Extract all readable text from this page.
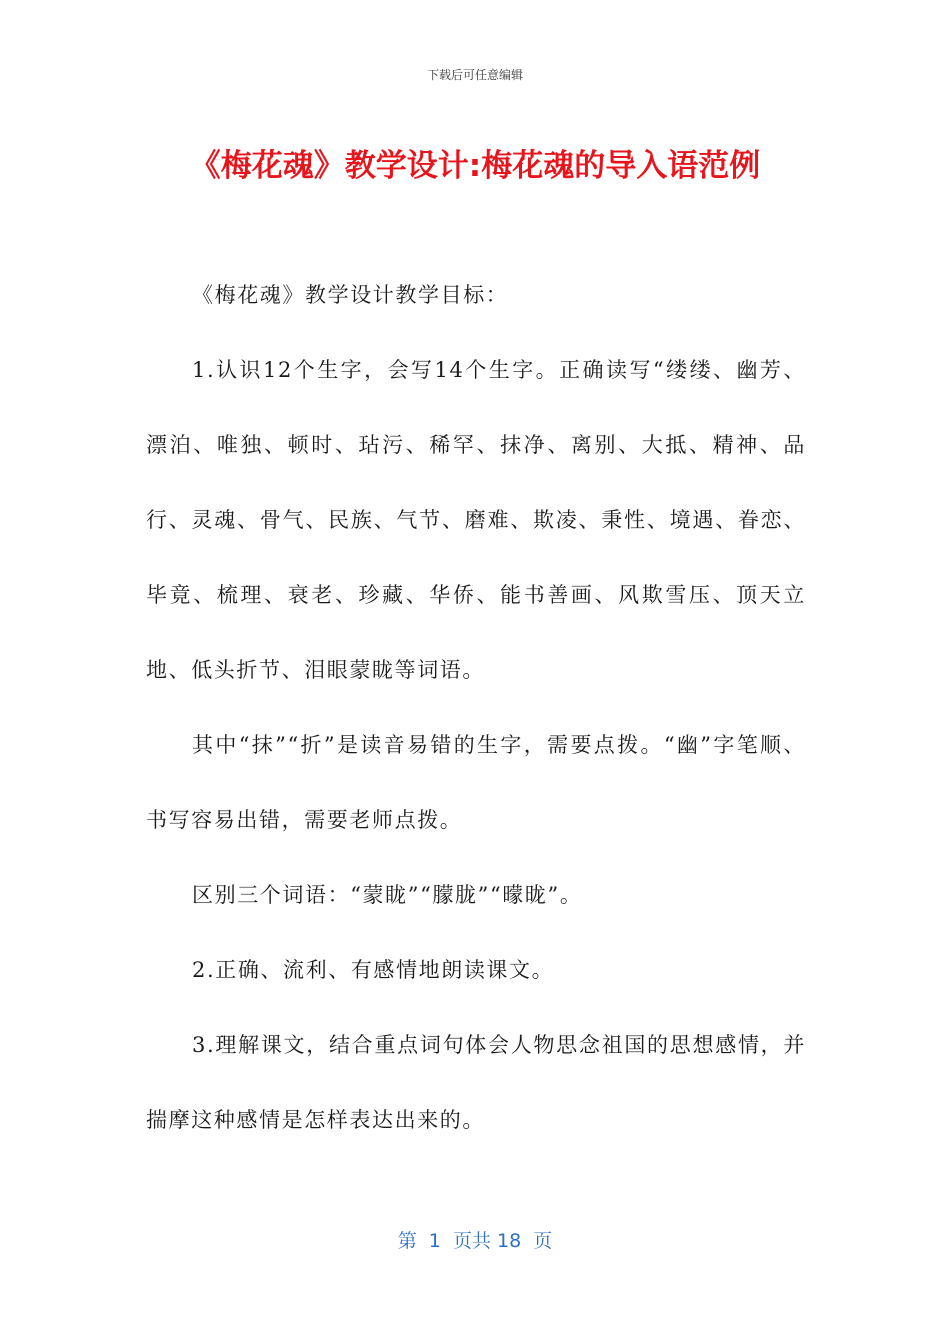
下载后可任意编辑
《梅花魂》教学设计:梅花魂的导入语范例

《梅花魂》教学设计教学目标：

1.认识12个生字，会写14个生字。正确读写“缕缕、幽芳、漂泊、唯独、顿时、玷污、稀罕、抹净、离别、大抵、精神、品行、灵魂、骨气、民族、气节、磨难、欺凌、秉性、境遇、眷恋、毕竟、梳理、衰老、珍藏、华侨、能书善画、风欺雪压、顶天立地、低头折节、泪眼蒙眬等词语。

其中“抹”“折”是读音易错的生字，需要点拨。“幽”字笔顺、书写容易出错，需要老师点拨。

区别三个词语：“蒙眬”“朦胧”“曚昽”。

2.正确、流利、有感情地朗读课文。

3.理解课文，结合重点词句体会人物思念祖国的思想感情，并揣摩这种感情是怎样表达出来的。

第  1  页共 18  页
